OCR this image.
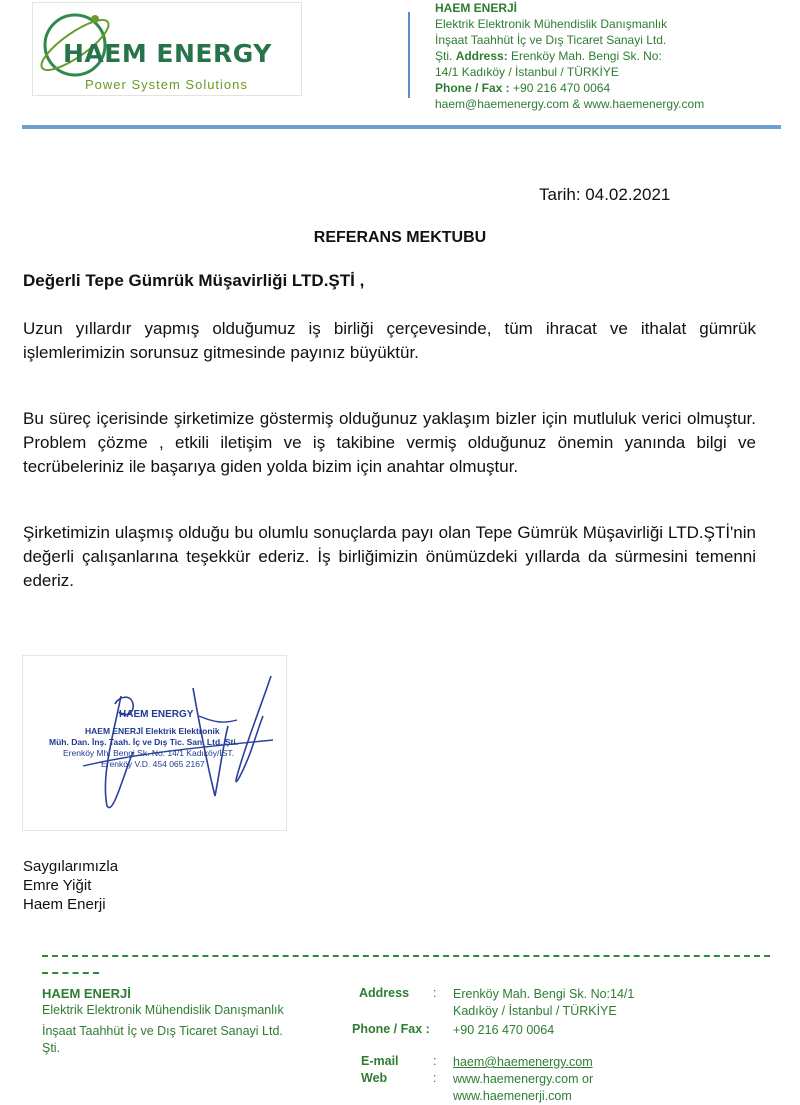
HAEM ENERGY
Power System Solutions
HAEM ENERJİ
Elektrik Elektronik Mühendislik Danışmanlık
İnşaat Taahhüt İç ve Dış Ticaret Sanayi Ltd.
Şti. Address: Erenköy Mah. Bengi Sk. No:
14/1 Kadıköy / İstanbul / TÜRKİYE
Phone / Fax : +90 216 470 0064
haem@haemenergy.com & www.haemenergy.com
Tarih: 04.02.2021
REFERANS MEKTUBU
Değerli Tepe Gümrük Müşavirliği LTD.ŞTİ ,
Uzun yıllardır yapmış olduğumuz iş birliği çerçevesinde, tüm ihracat ve ithalat gümrük işlemlerimizin sorunsuz gitmesinde payınız büyüktür.
Bu süreç içerisinde şirketimize göstermiş olduğunuz yaklaşım bizler için mutluluk verici olmuştur. Problem çözme , etkili iletişim ve iş takibine vermiş olduğunuz önemin yanında bilgi ve tecrübeleriniz ile başarıya giden yolda bizim için anahtar olmuştur.
Şirketimizin ulaşmış olduğu bu olumlu sonuçlarda payı olan Tepe Gümrük Müşavirliği LTD.ŞTİ'nin değerli çalışanlarına teşekkür ederiz. İş birliğimizin önümüzdeki yıllarda da sürmesini temenni ederiz.
HAEM ENERGY
HAEM ENERJİ Elektrik Elektronik
Müh. Dan. İnş. Taah. İç ve Dış Tic. San. Ltd. Şti.
Erenköy Mh. Bengi Sk. No: 14/1 Kadıköy/İST.
Erenköy V.D. 454 065 2167
Saygılarımızla
Emre Yiğit
Haem Enerji
HAEM ENERJİ
Elektrik Elektronik Mühendislik Danışmanlık
İnşaat Taahhüt İç ve Dış Ticaret Sanayi Ltd.
Şti.
Address : Erenköy Mah. Bengi Sk. No:14/1
Kadıköy / İstanbul / TÜRKİYE
Phone / Fax : +90 216 470 0064
E-mail	: haem@haemenergy.com
Web	: www.haemenergy.com or
www.haemenerji.com
